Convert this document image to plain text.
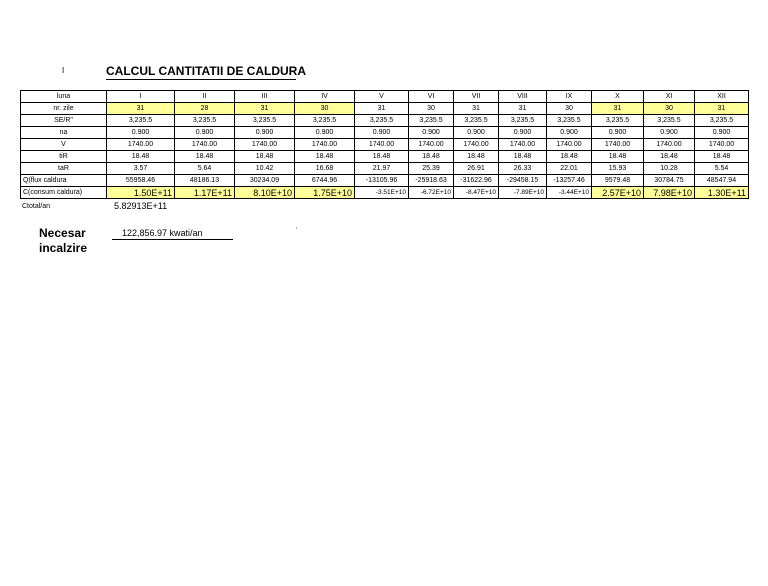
I	CALCUL CANTITATII DE CALDURA
luna	I	II	III	IV	V	VI	VII	VIII	IX	X	XI	XII
nr. zile	31	28	31	30	31	30	31	31	30	31	30	31
SE/R"	3,235.5	3,235.5	3,235.5	3,235.5	3,235.5	3,235.5	3,235.5	3,235.5	3,235.5	3,235.5	3,235.5	3,235.5
na	0.900	0.900	0.900	0.900	0.900	0.900	0.900	0.900	0.900	0.900	0.900	0.900
V	1740.00	1740.00	1740.00	1740.00	1740.00	1740.00	1740.00	1740.00	1740.00	1740.00	1740.00	1740.00
tiR	18.48	18.48	18.48	18.48	18.48	18.48	18.48	18.48	18.48	18.48	18.48	18.48
taR	3.57	5.64	10.42	16.68	21.97	25.39	26.91	26.33	22.01	15.93	10.28	5.54
Q(flux caldura	55958.46	48186.13	30234.09	6744.96	-13105.96	-25918.63	-31622.96	-29458.15	-13257.46	9579.48	30784.75	48547.94
C(consum caldura)	1.50E+11	1.17E+11	8.10E+10	1.75E+10	-3.51E+10	-6.72E+10	-8.47E+10	-7.89E+10	-3.44E+10	2.57E+10	7.98E+10	1.30E+11
Ctotal/an	5.82913E+11
Necesar
incalzire
122,856.97 kwati/an	'
